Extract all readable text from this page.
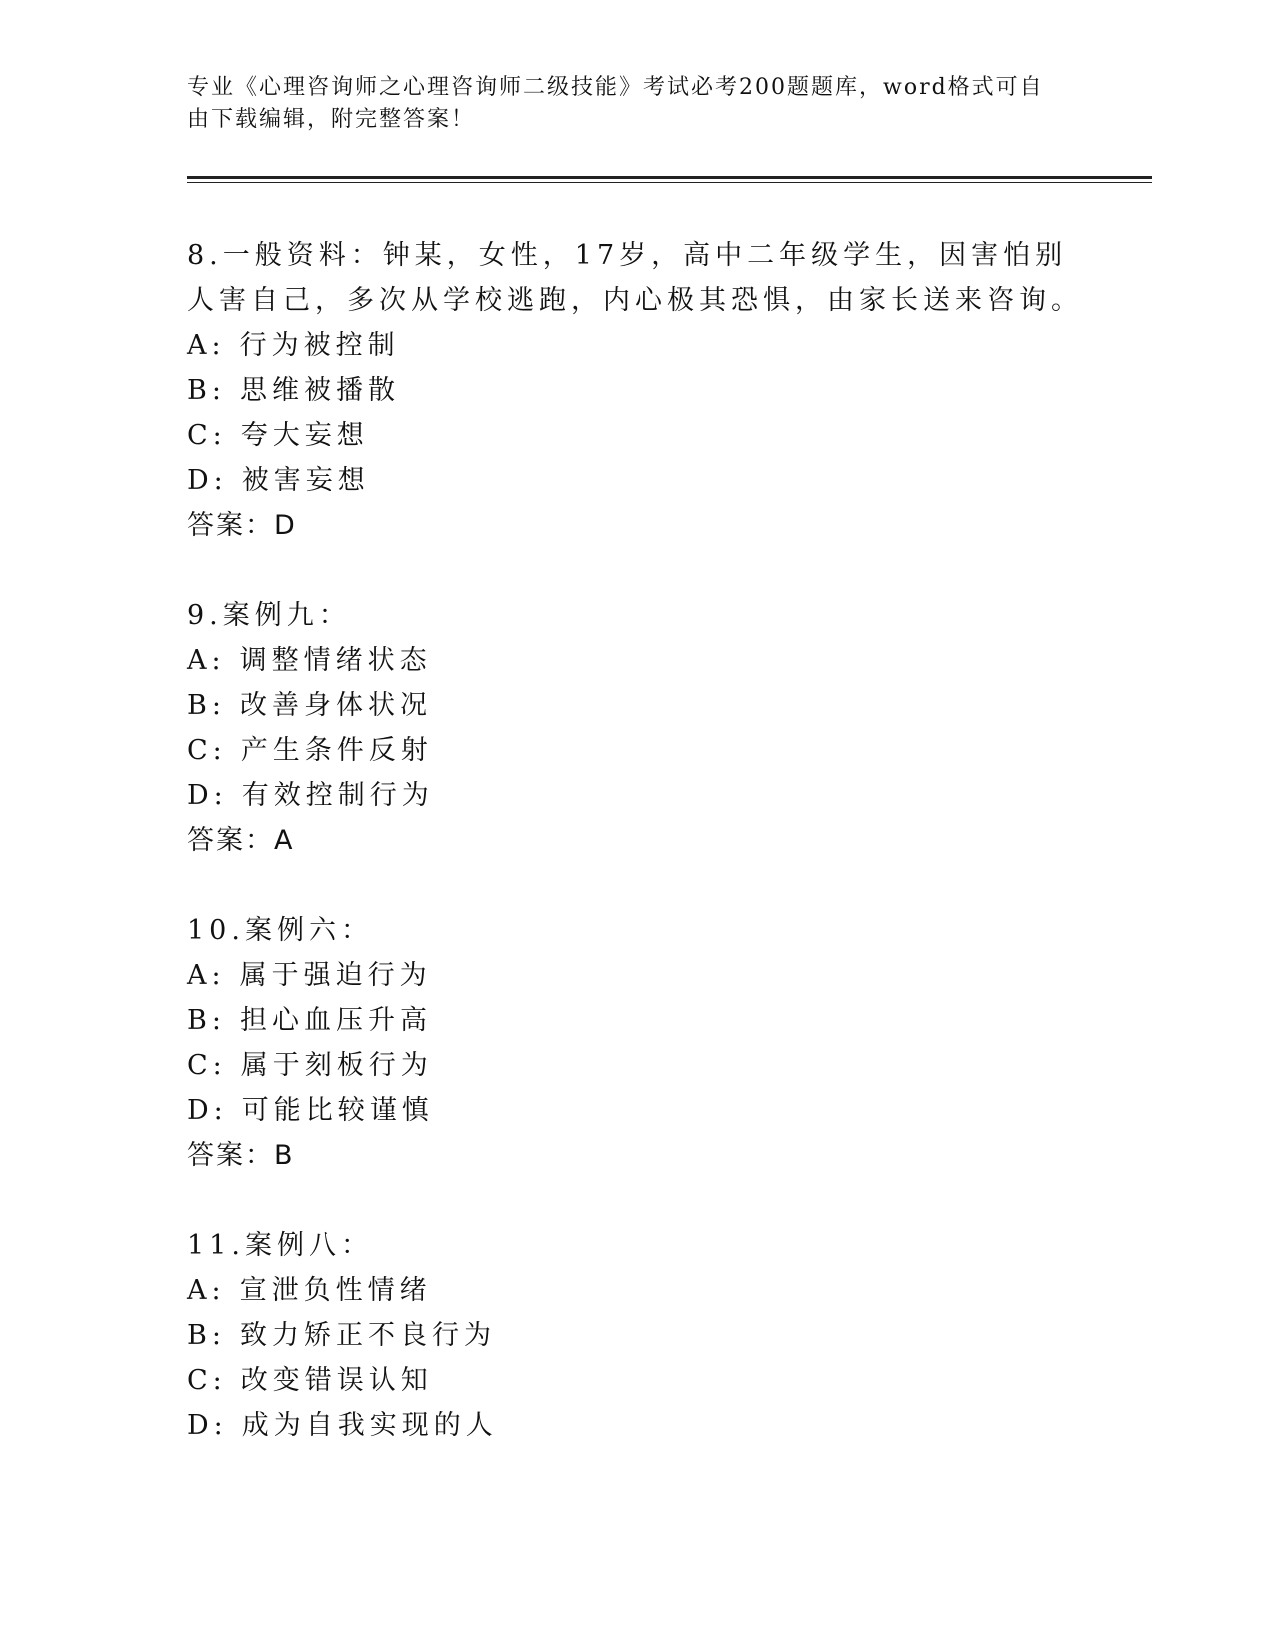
专业《心理咨询师之心理咨询师二级技能》考试必考200题题库，word格式可自由下载编辑，附完整答案！
8.一般资料：钟某，女性，17岁，高中二年级学生，因害怕别人害自己，多次从学校逃跑，内心极其恐惧，由家长送来咨询。
A: 行为被控制
B: 思维被播散
C: 夸大妄想
D: 被害妄想
答案：D
9.案例九：
A: 调整情绪状态
B: 改善身体状况
C: 产生条件反射
D: 有效控制行为
答案：A
10.案例六：
A: 属于强迫行为
B: 担心血压升高
C: 属于刻板行为
D: 可能比较谨慎
答案：B
11.案例八：
A: 宣泄负性情绪
B: 致力矫正不良行为
C: 改变错误认知
D: 成为自我实现的人
